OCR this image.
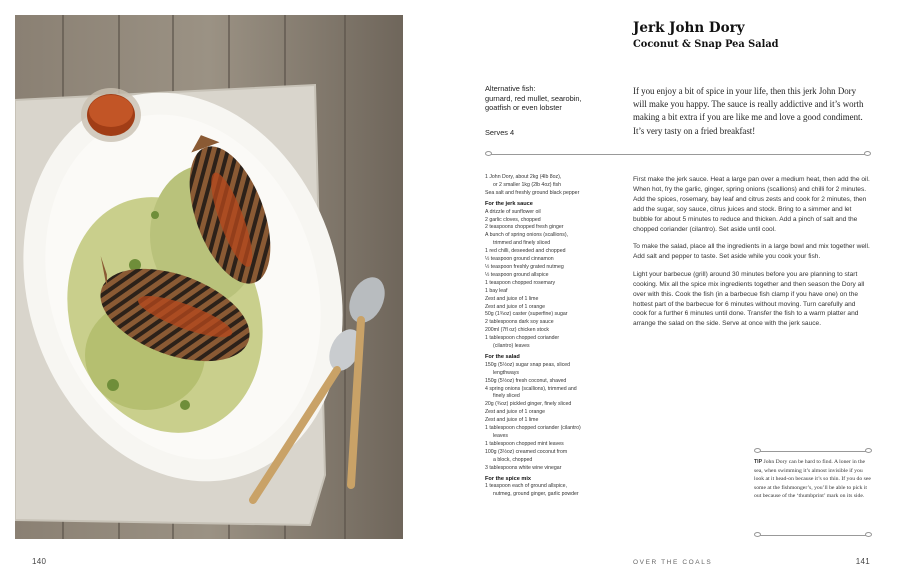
140
Jerk John Dory
Coconut & Snap Pea Salad
Alternative fish:
gurnard, red mullet, searobin,
goatfish or even lobster
Serves 4
If you enjoy a bit of spice in your life, then this jerk John Dory will make you happy. The sauce is really addictive and it’s worth making a bit extra if you are like me and love a good condiment. It’s very tasty on a fried breakfast!
1 John Dory, about 2kg (4lb 8oz),
or 2 smaller 1kg (2lb 4oz) fish
Sea salt and freshly ground black pepper
For the jerk sauce
A drizzle of sunflower oil
2 garlic cloves, chopped
2 teaspoons chopped fresh ginger
A bunch of spring onions (scallions),
trimmed and finely sliced
1 red chilli, deseeded and chopped
½ teaspoon ground cinnamon
½ teaspoon freshly grated nutmeg
½ teaspoon ground allspice
1 teaspoon chopped rosemary
1 bay leaf
Zest and juice of 1 lime
Zest and juice of 1 orange
50g (1¾oz) caster (superfine) sugar
2 tablespoons dark soy sauce
200ml (7fl oz) chicken stock
1 tablespoon chopped coriander
(cilantro) leaves
For the salad
150g (5½oz) sugar snap peas, sliced
lengthways
150g (5½oz) fresh coconut, shaved
4 spring onions (scallions), trimmed and
finely sliced
20g (¾oz) pickled ginger, finely sliced
Zest and juice of 1 orange
Zest and juice of 1 lime
1 tablespoon chopped coriander (cilantro)
leaves
1 tablespoon chopped mint leaves
100g (3½oz) creamed coconut from
a block, chopped
3 tablespoons white wine vinegar
For the spice mix
1 teaspoon each of ground allspice,
nutmeg, ground ginger, garlic powder

First make the jerk sauce. Heat a large pan over a medium heat, then add the oil. When hot, fry the garlic, ginger, spring onions (scallions) and chilli for 2 minutes. Add the spices, rosemary, bay leaf and citrus zests and cook for 2 minutes, then add the sugar, soy sauce, citrus juices and stock. Bring to a simmer and let bubble for about 5 minutes to reduce and thicken. Add a pinch of salt and the chopped coriander (cilantro). Set aside until cool.

To make the salad, place all the ingredients in a large bowl and mix together well. Add salt and pepper to taste. Set aside while you cook your fish.

Light your barbecue (grill) around 30 minutes before you are planning to start cooking. Mix all the spice mix ingredients together and then season the Dory all over with this. Cook the fish (in a barbecue fish clamp if you have one) on the hottest part of the barbecue for 6 minutes without moving. Turn carefully and cook for a further 6 minutes until done. Transfer the fish to a warm platter and arrange the salad on the side. Serve at once with the jerk sauce.

TIP John Dory can be hard to find. A loner in the sea, when swimming it’s almost invisible if you look at it head-on because it’s so thin. If you do see some at the fishmonger’s, you’ll be able to pick it out because of the ‘thumbprint’ mark on its side.
OVER THE COALS	141
